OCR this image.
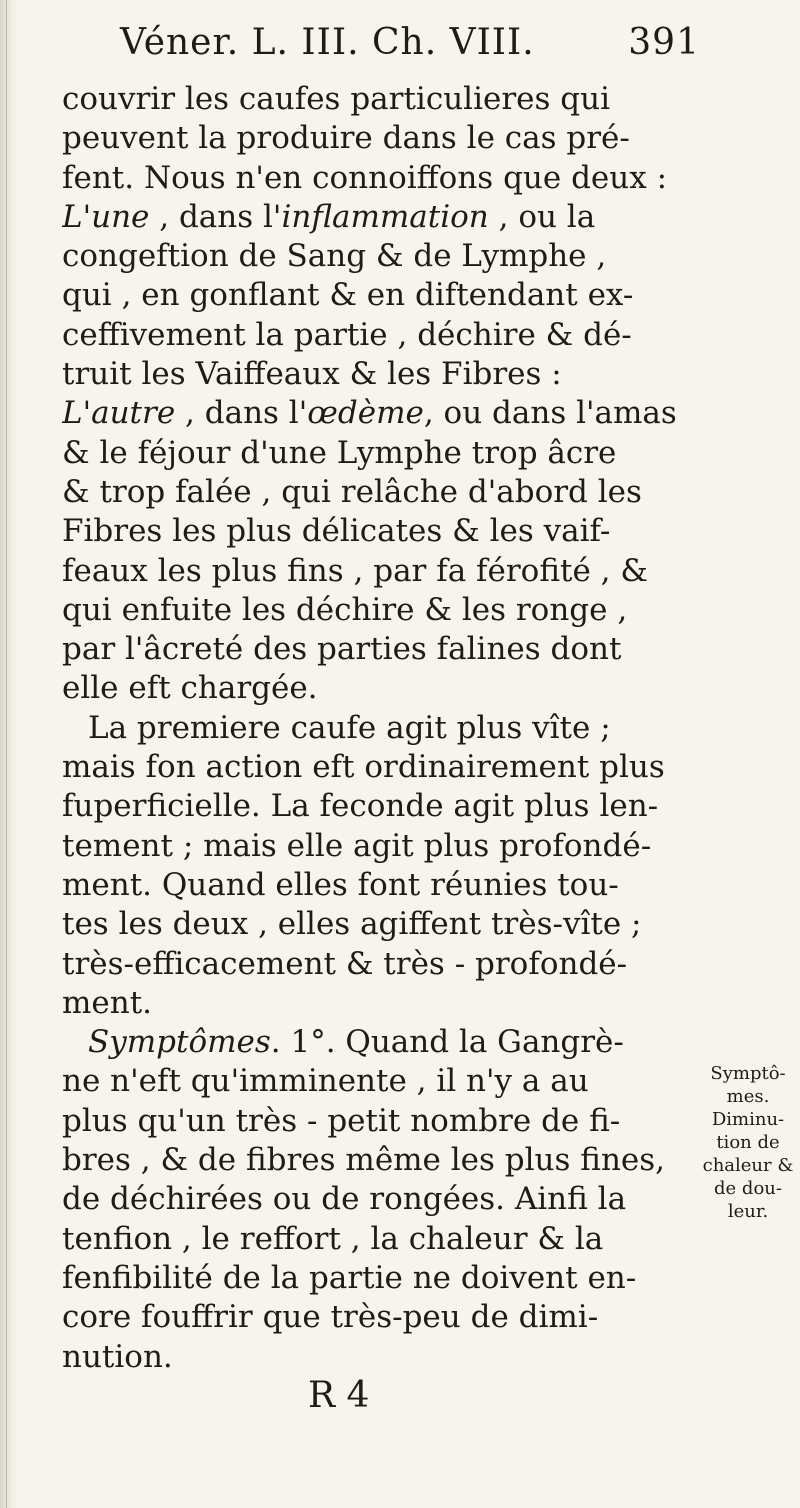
Véner. L. III. Ch. VIII.	391
couvrir les caufes particulieres qui
peuvent la produire dans le cas pré-
fent. Nous n'en connoiffons que deux :
L'une , dans l'inflammation , ou la
congeftion de Sang & de Lymphe ,
qui , en gonflant & en diftendant ex-
ceffivement la partie , déchire & dé-
truit les Vaiffeaux & les Fibres :
L'autre , dans l'œdème, ou dans l'amas
& le féjour d'une Lymphe trop âcre
& trop falée , qui relâche d'abord les
Fibres les plus délicates & les vaif-
feaux les plus fins , par fa férofité , &
qui enfuite les déchire & les ronge ,
par l'âcreté des parties falines dont
elle eft chargée.
La premiere caufe agit plus vîte ;
mais fon action eft ordinairement plus
fuperficielle. La feconde agit plus len-
tement ; mais elle agit plus profondé-
ment. Quand elles font réunies tou-
tes les deux , elles agiffent très-vîte ;
très-efficacement & très - profondé-
ment.
Symptômes. 1°. Quand la Gangrè-
ne n'eft qu'imminente , il n'y a au
plus qu'un très - petit nombre de fi-
bres , & de fibres même les plus fines,
de déchirées ou de rongées. Ainfi la
tenfion , le reffort , la chaleur & la
fenfibilité de la partie ne doivent en-
core fouffrir que très-peu de dimi-
nution.
Symptô-
mes.
Diminu-
tion de
chaleur &
de dou-
leur.
R 4
